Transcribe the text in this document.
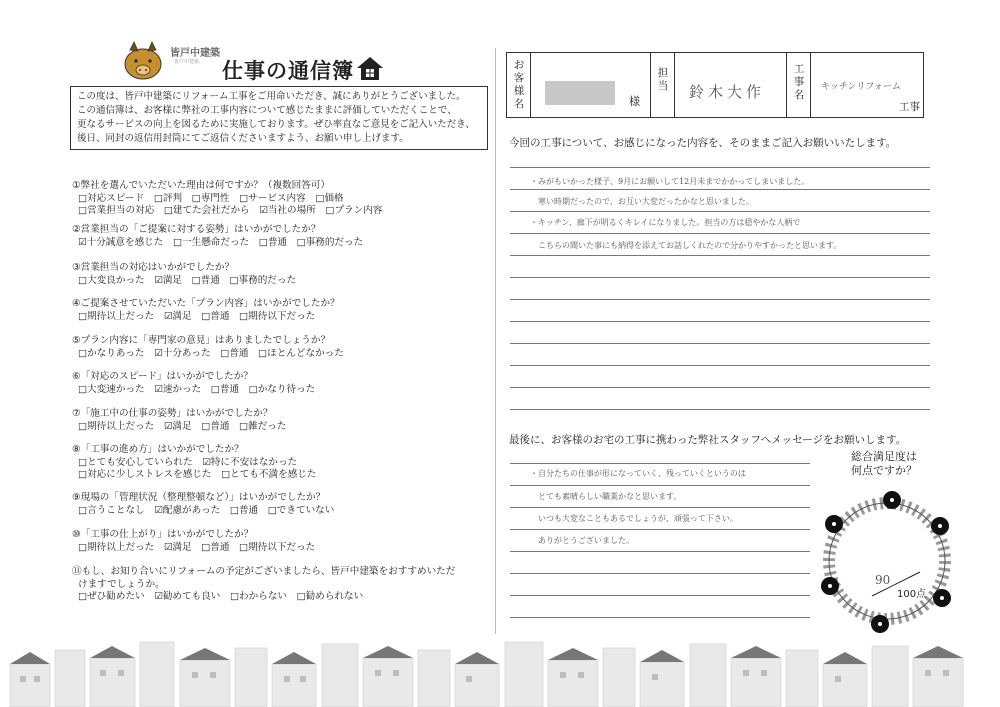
皆戸中建築
皆戸中建築 仕事の通信簿
この度は、皆戸中建築にリフォーム工事をご用命いただき、誠にありがとうございました。
この通信簿は、お客様に弊社の工事内容について感じたままに評価していただくことで、
更なるサービスの向上を図るために実施しております。ぜひ率直なご意見をご記入いただき、
後日、同封の返信用封筒にてご返信くださいますよう、お願い申し上げます。
①弊社を選んでいただいた理由は何ですか？（複数回答可）
□対応スピード　□評判　□専門性　□サービス内容　□価格
□営業担当の対応　□建てた会社だから　☑当社の場所　□プラン内容
②営業担当の「ご提案に対する姿勢」はいかがでしたか？
☑十分誠意を感じた　□一生懸命だった　□普通　□事務的だった
③営業担当の対応はいかがでしたか？
□大変良かった　☑満足　□普通　□事務的だった
④ご提案させていただいた「プラン内容」はいかがでしたか？
□期待以上だった　☑満足　□普通　□期待以下だった
⑤プラン内容に「専門家の意見」はありましたでしょうか？
□かなりあった　☑十分あった　□普通　□ほとんどなかった
⑥「対応のスピード」はいかがでしたか？
□大変速かった　☑速かった　□普通　□かなり待った
⑦「施工中の仕事の姿勢」はいかがでしたか？
□期待以上だった　☑満足　□普通　□雑だった
⑧「工事の進め方」はいかがでしたか？
□とても安心していられた　☑特に不安はなかった
□対応に少しストレスを感じた　□とても不満を感じた
⑨現場の「管理状況（整理整頓など）」はいかがでしたか？
□言うことなし　☑配慮があった　□普通　□できていない
⑩「工事の仕上がり」はいかがでしたか？
□期待以上だった　☑満足　□普通　□期待以下だった
⑪もし、お知り合いにリフォームの予定がございましたら、皆戸中建築をおすすめいただ
けますでしょうか。
□ぜひ勧めたい　☑勧めても良い　□わからない　□勧められない
お客様名	様
担当 鈴木大作
工事名
キッチンリフォーム
工事
今回の工事について、お感じになった内容を、そのままご記入お願いいたします。
・みがもいかった様子、9月にお願いして12月未までかかってしまいました。
寒い時期だったので、お互い大変だったかなと思いました。
・キッチン、廊下が明るくキレイになりました。担当の方は穏やかな人柄で
こちらの聞いた事にも納得を添えてお話しくれたので分かりやすかったと思います。
最後に、お客様のお宅の工事に携わった弊社スタッフへメッセージをお願いします。
・自分たちの仕事が形になっていく、残っていくというのは
とても素晴らしい職業かなと思います。
いつも大変なこともあるでしょうが、頑張って下さい。
ありがとうございました。
総合満足度は
何点ですか？
90
100点
